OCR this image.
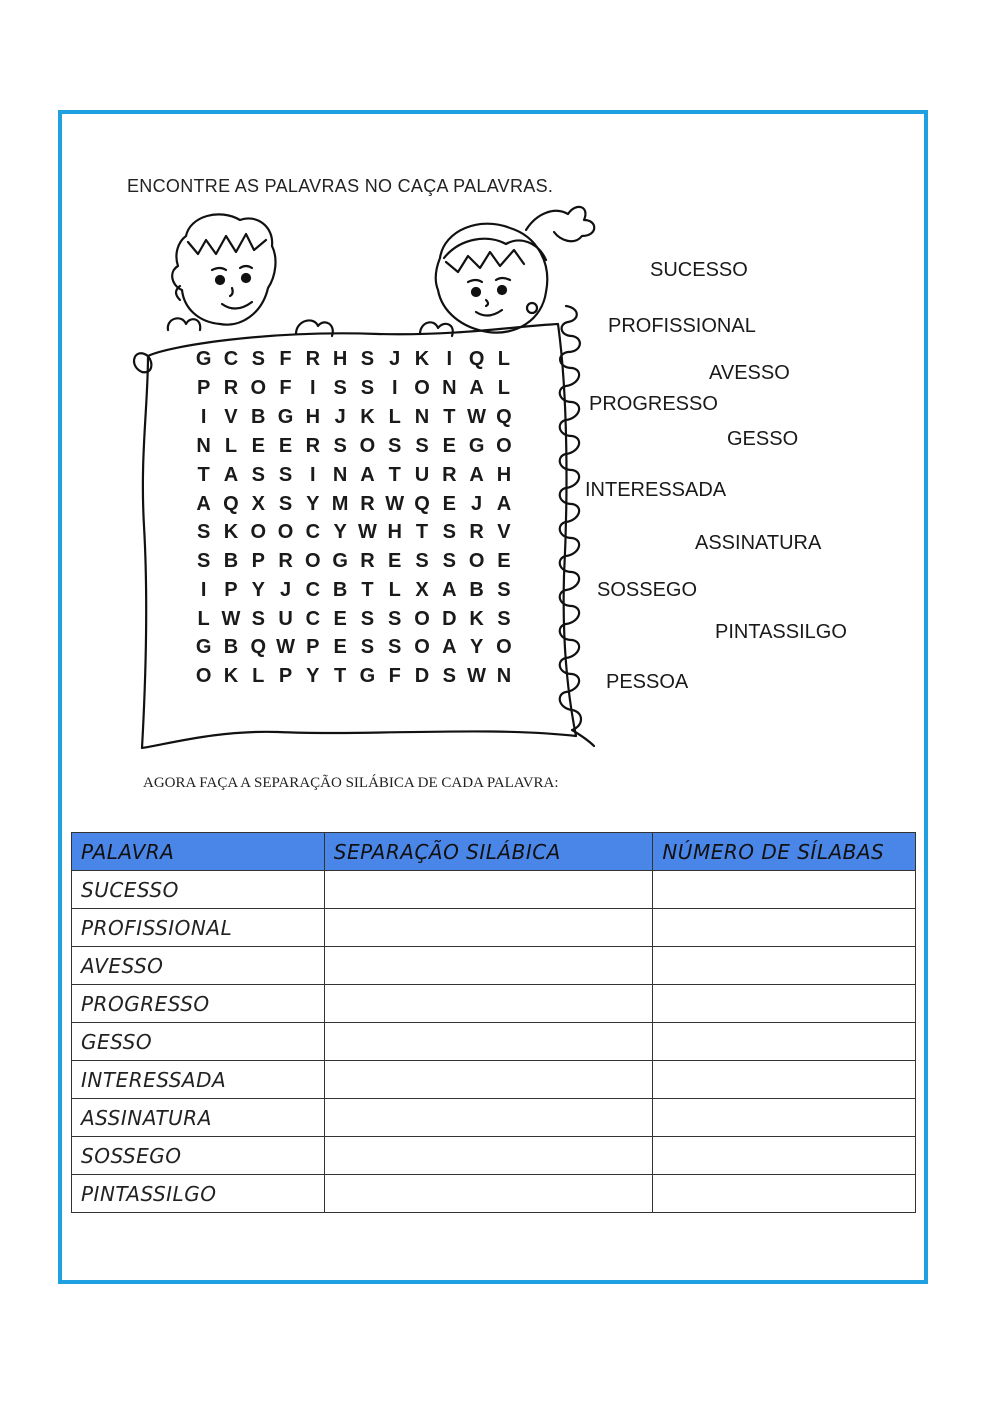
ENCONTRE AS PALAVRAS NO CAÇA PALAVRAS.
G C S F R H S J K I Q L
P R O F I S S I O N A L
I V B G H J K L N T W Q
N L E E R S O S S E G O
T A S S I N A T U R A H
A Q X S Y M R W Q E J A
S K O O C Y W H T S R V
S B P R O G R E S S O E
I P Y J C B T L X A B S
L W S U C E S S O D K S
G B Q W P E S S O A Y O
O K L P Y T G F D S W N
SUCESSO
PROFISSIONAL
AVESSO
PROGRESSO
GESSO
INTERESSADA
ASSINATURA
SOSSEGO
PINTASSILGO
PESSOA
AGORA FAÇA A SEPARAÇÃO SILÁBICA DE CADA PALAVRA:
PALAVRA	SEPARAÇÃO SILÁBICA	NÚMERO DE SÍLABAS
SUCESSO		
PROFISSIONAL		
AVESSO		
PROGRESSO		
GESSO		
INTERESSADA		
ASSINATURA		
SOSSEGO		
PINTASSILGO		
